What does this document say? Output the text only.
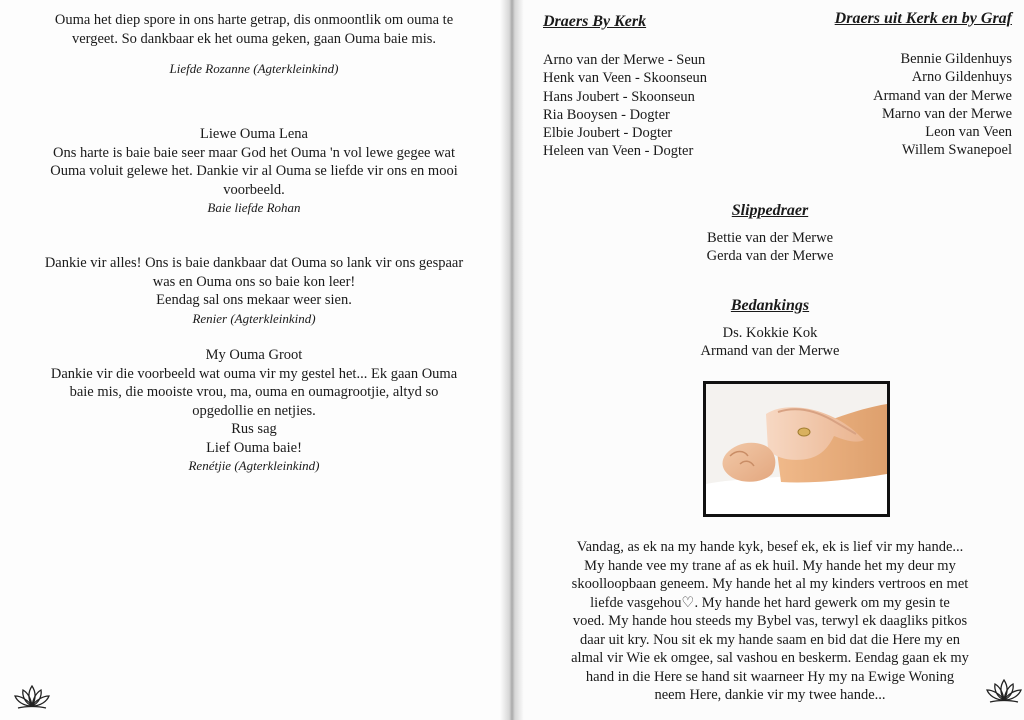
Ouma het diep spore in ons harte getrap, dis onmoontlik om ouma te

vergeet. So dankbaar ek het ouma geken, gaan Ouma baie mis.

Liefde Rozanne (Agterkleinkind)

Liewe Ouma Lena

Ons harte is baie baie seer maar God het Ouma 'n vol lewe gegee wat

Ouma voluit gelewe het. Dankie vir al Ouma se liefde vir ons en mooi

voorbeeld.

Baie liefde Rohan

Dankie vir alles! Ons is baie dankbaar dat Ouma so lank vir ons gespaar

was en Ouma ons so baie kon leer!

Eendag sal ons mekaar weer sien.

Renier (Agterkleinkind)

My Ouma Groot

Dankie vir die voorbeeld wat ouma vir my gestel het... Ek gaan Ouma

baie mis, die mooiste vrou, ma, ouma en oumagrootjie, altyd so

opgedollie en netjies.

Rus sag

Lief Ouma baie!

Renétjie (Agterkleinkind)

Draers By Kerk
Arno van der Merwe - Seun
Henk van Veen - Skoonseun
Hans Joubert - Skoonseun
Ria Booysen - Dogter
Elbie Joubert - Dogter
Heleen van Veen - Dogter
Draers uit Kerk en by Graf
Bennie Gildenhuys
Arno Gildenhuys
Armand van der Merwe
Marno van der Merwe
Leon van Veen
Willem Swanepoel

Slippedraer

Bettie van der Merwe

Gerda van der Merwe

Bedankings

Ds. Kokkie Kok

Armand van der Merwe

Vandag, as ek na my hande kyk, besef ek, ek is lief vir my hande...

My hande vee my trane af as ek huil. My hande het my deur my

skoolloopbaan geneem. My hande het al my kinders vertroos en met

liefde vasgehou♡. My hande het hard gewerk om my gesin te

voed. My hande hou steeds my Bybel vas, terwyl ek daagliks pitkos

daar uit kry. Nou sit ek my hande saam en bid dat die Here my en

almal vir Wie ek omgee, sal vashou en beskerm. Eendag gaan ek my

hand in die Here se hand sit waarneer Hy my na Ewige Woning

neem Here, dankie vir my twee hande...
